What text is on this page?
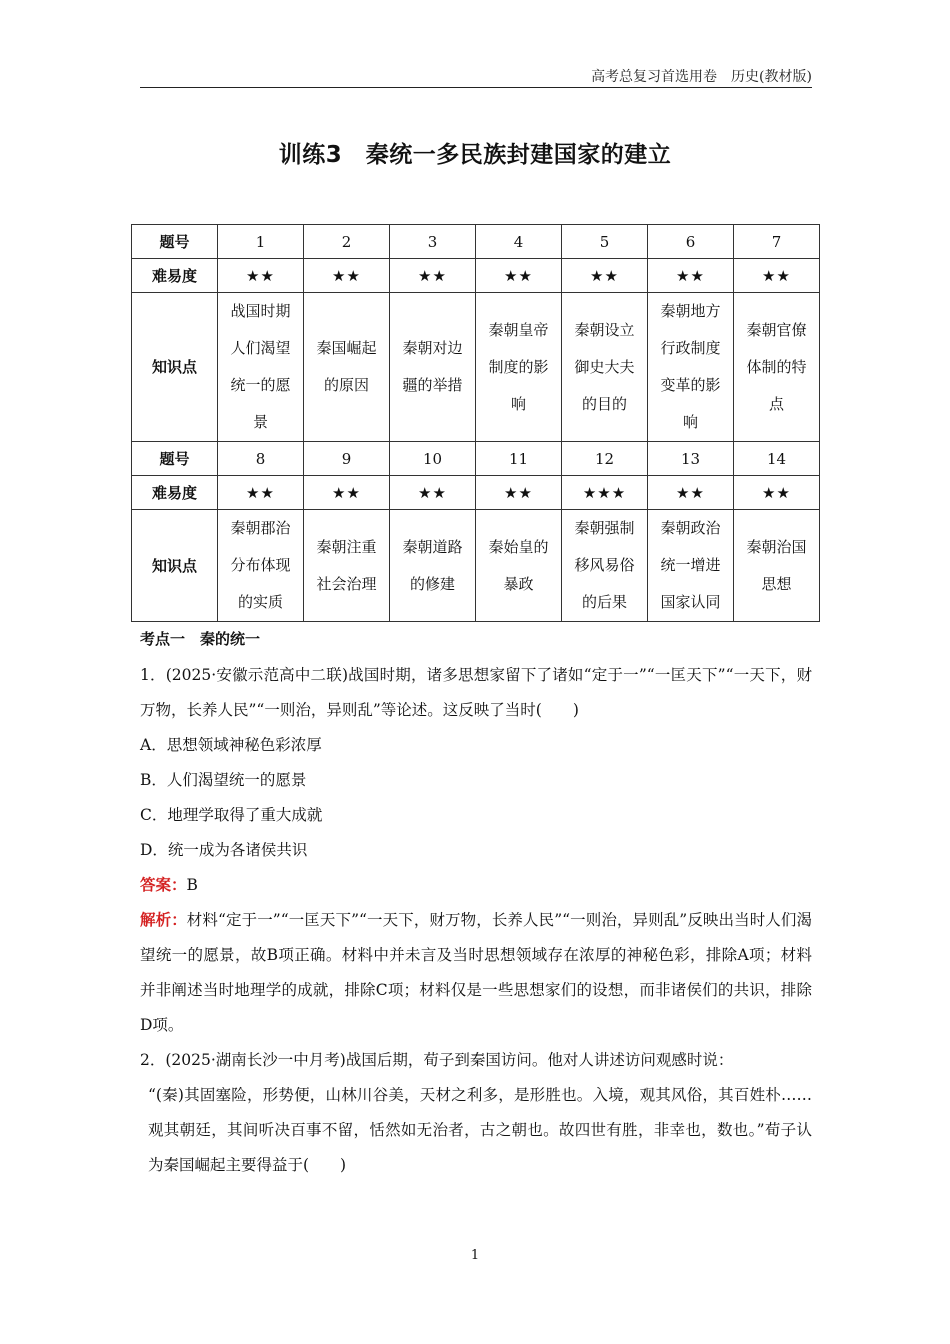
高考总复习首选用卷　历史(教材版)
训练3　秦统一多民族封建国家的建立
题号	1	2	3	4	5	6	7
难易度	★★	★★	★★	★★	★★	★★	★★
知识点	战国时期人们渴望统一的愿景	秦国崛起的原因	秦朝对边疆的举措	秦朝皇帝制度的影响	秦朝设立御史大夫的目的	秦朝地方行政制度变革的影响	秦朝官僚体制的特点
题号	8	9	10	11	12	13	14
难易度	★★	★★	★★	★★	★★★	★★	★★
知识点	秦朝郡治分布体现的实质	秦朝注重社会治理	秦朝道路的修建	秦始皇的暴政	秦朝强制移风易俗的后果	秦朝政治统一增进国家认同	秦朝治国思想
考点一　秦的统一

1．(2025·安徽示范高中二联)战国时期，诸多思想家留下了诸如“定于一”“一匡天下”“一天下，财万物，长养人民”“一则治，异则乱”等论述。这反映了当时(　　)

A．思想领域神秘色彩浓厚

B．人们渴望统一的愿景

C．地理学取得了重大成就

D．统一成为各诸侯共识

答案：B

解析：材料“定于一”“一匡天下”“一天下，财万物，长养人民”“一则治，异则乱”反映出当时人们渴望统一的愿景，故B项正确。材料中并未言及当时思想领域存在浓厚的神秘色彩，排除A项；材料并非阐述当时地理学的成就，排除C项；材料仅是一些思想家们的设想，而非诸侯们的共识，排除D项。

2．(2025·湖南长沙一中月考)战国后期，荀子到秦国访问。他对人讲述访问观感时说：

“(秦)其固塞险，形势便，山林川谷美，天材之利多，是形胜也。入境，观其风俗，其百姓朴……观其朝廷，其间听决百事不留，恬然如无治者，古之朝也。故四世有胜，非幸也，数也。”荀子认为秦国崛起主要得益于(　　)

1
